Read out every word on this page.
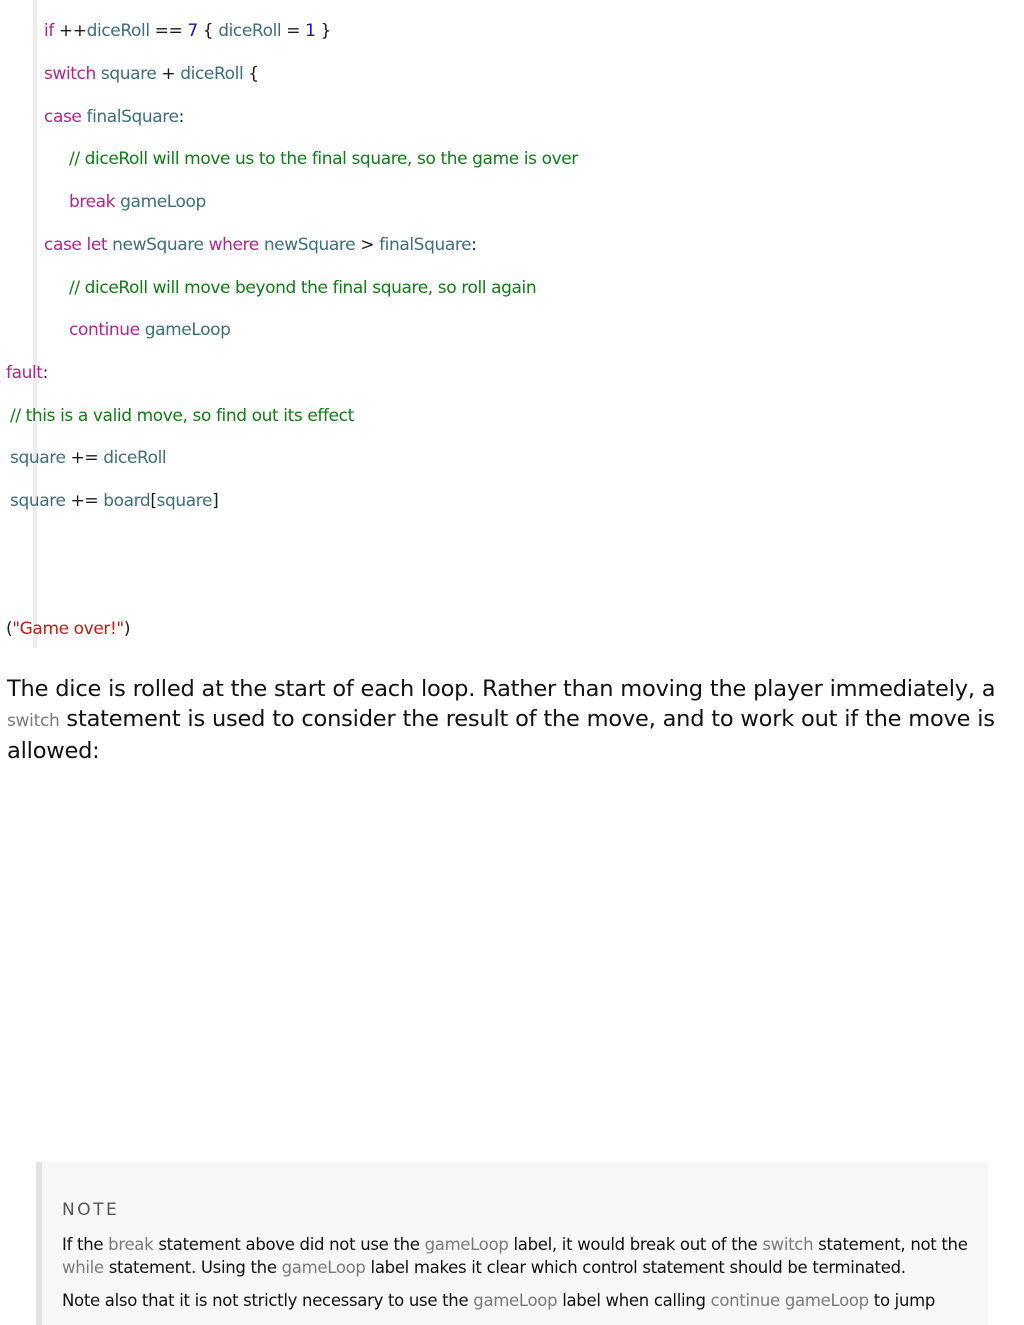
if ++diceRoll == 7 { diceRoll = 1 }
switch square + diceRoll {
case finalSquare:
// diceRoll will move us to the final square, so the game is over
break gameLoop
case let newSquare where newSquare > finalSquare:
// diceRoll will move beyond the final square, so roll again
continue gameLoop
fault:
// this is a valid move, so find out its effect
square += diceRoll
square += board[square]
("Game over!")
The dice is rolled at the start of each loop. Rather than moving the player immediately, a
switch statement is used to consider the result of the move, and to work out if the move is allowed:
NOTE
If the break statement above did not use the gameLoop label, it would break out of the switch statement, not the while statement. Using the gameLoop label makes it clear which control statement should be terminated.
Note also that it is not strictly necessary to use the gameLoop label when calling continue gameLoop to jump
